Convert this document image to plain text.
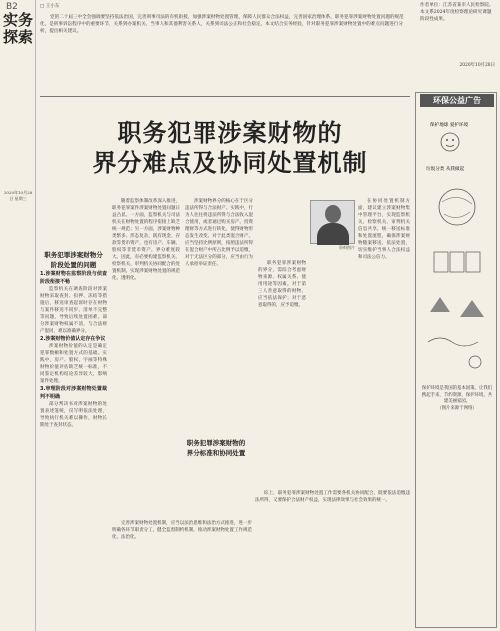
B2
实务探索
2020年10月28日 星期三
□ 王小东
党的二十届三中全会强调要坚持依法治国，完善刑事司法的有机衔接，加强涉案财物处置管理，保障人民群众合法权益，完善国家治理体系。职务犯罪涉案财物处置问题的规范化，是刑事诉讼程序中的重要环节，关系到办案机关、当事人和其他利害关系人，关系到司法公正和社会稳定。本文结合实务经验，针对职务犯罪涉案财物处置中的难点问题进行分析，提出相关建议。
作者单位：江苏省某市人民检察院。本文系2024年度检察理论研究课题阶段性成果。
2020年10月28日
职务犯罪涉案财物的
界分难点及协同处置机制
资料图片
职务犯罪涉案财物分
阶段处置的问题
1.涉案财物在监察阶段与侦查阶段衔接不畅

监察机关在调查阶段对涉案财物采取查封、扣押、冻结等措施后，移送审查起诉时存在财物与案件移送不同步、清单不完整等问题，导致后续处置困难。部分涉案财物权属不清，与合法财产混同，难以准确界分。

2.涉案财物价值认定存在争议

涉案财物价值的认定是确定犯罪数额和处置方式的基础。实践中，房产、股权、字画等特殊财物价值评估缺乏统一标准，不同鉴定机构结论差异较大，影响案件处理。

3.审理阶段对涉案财物处置裁判不明确

部分判决书对涉案财物的处置表述笼统，仅写明依法处理，导致执行机关难以操作，财物长期处于查封状态。

随着监察体制改革深入推进，职务犯罪案件涉案财物处置问题日益凸显。一方面，监察机关与司法机关在财物处置的程序衔接上缺乏统一规范；另一方面，涉案财物种类繁多、形态复杂，既有现金、存款等货币资产，也有房产、车辆、股权等非货币资产，界分难度较大。因此，有必要构建监察机关、检察机关、审判机关协同配合的处置机制，实现涉案财物处置的规范化、透明化。

涉案财物界分的核心在于区分违法所得与合法财产。实践中，行为人往往将违法所得与合法收入混合使用，或者通过购买房产、投资理财等方式进行转化，使得财物形态发生改变。对于此类混合财产，应当坚持比例原则，按照违法所得在混合财产中所占比例予以追缴，对于无法区分的部分，应当由行为人承担举证责任。

职务犯罪涉案财物的
界分标准和协同处置

职务犯罪涉案财物的界分，需综合考虑财物来源、权属关系、使用用途等因素。对于第三人善意取得的财物，应当依法保护；对于恶意取得的，应予追缴。

在协同处置机制方面，建议建立涉案财物集中管理平台，实现监察机关、检察机关、审判机关信息共享，统一移送标准和处置流程，确保涉案财物随案移送、依法处置，切实维护当事人合法权益和司法公信力。

综上，职务犯罪涉案财物处置工作需要各机关协同配合，既要依法追缴违法所得，又要保护合法财产权益，实现法律效果与社会效果的统一。

完善涉案财物处置机制，应当以法治思维和法治方式推进，进一步明确各环节职责分工，健全监督制约机制，推动涉案财物处置工作规范化、法治化。

环保公益广告
保护地球 爱护环境
垃圾分类 从我做起
保护环境是我国的基本国策。让我们携起手来，节约资源，保护环境，共建美丽家园。
（图片来源于网络）
